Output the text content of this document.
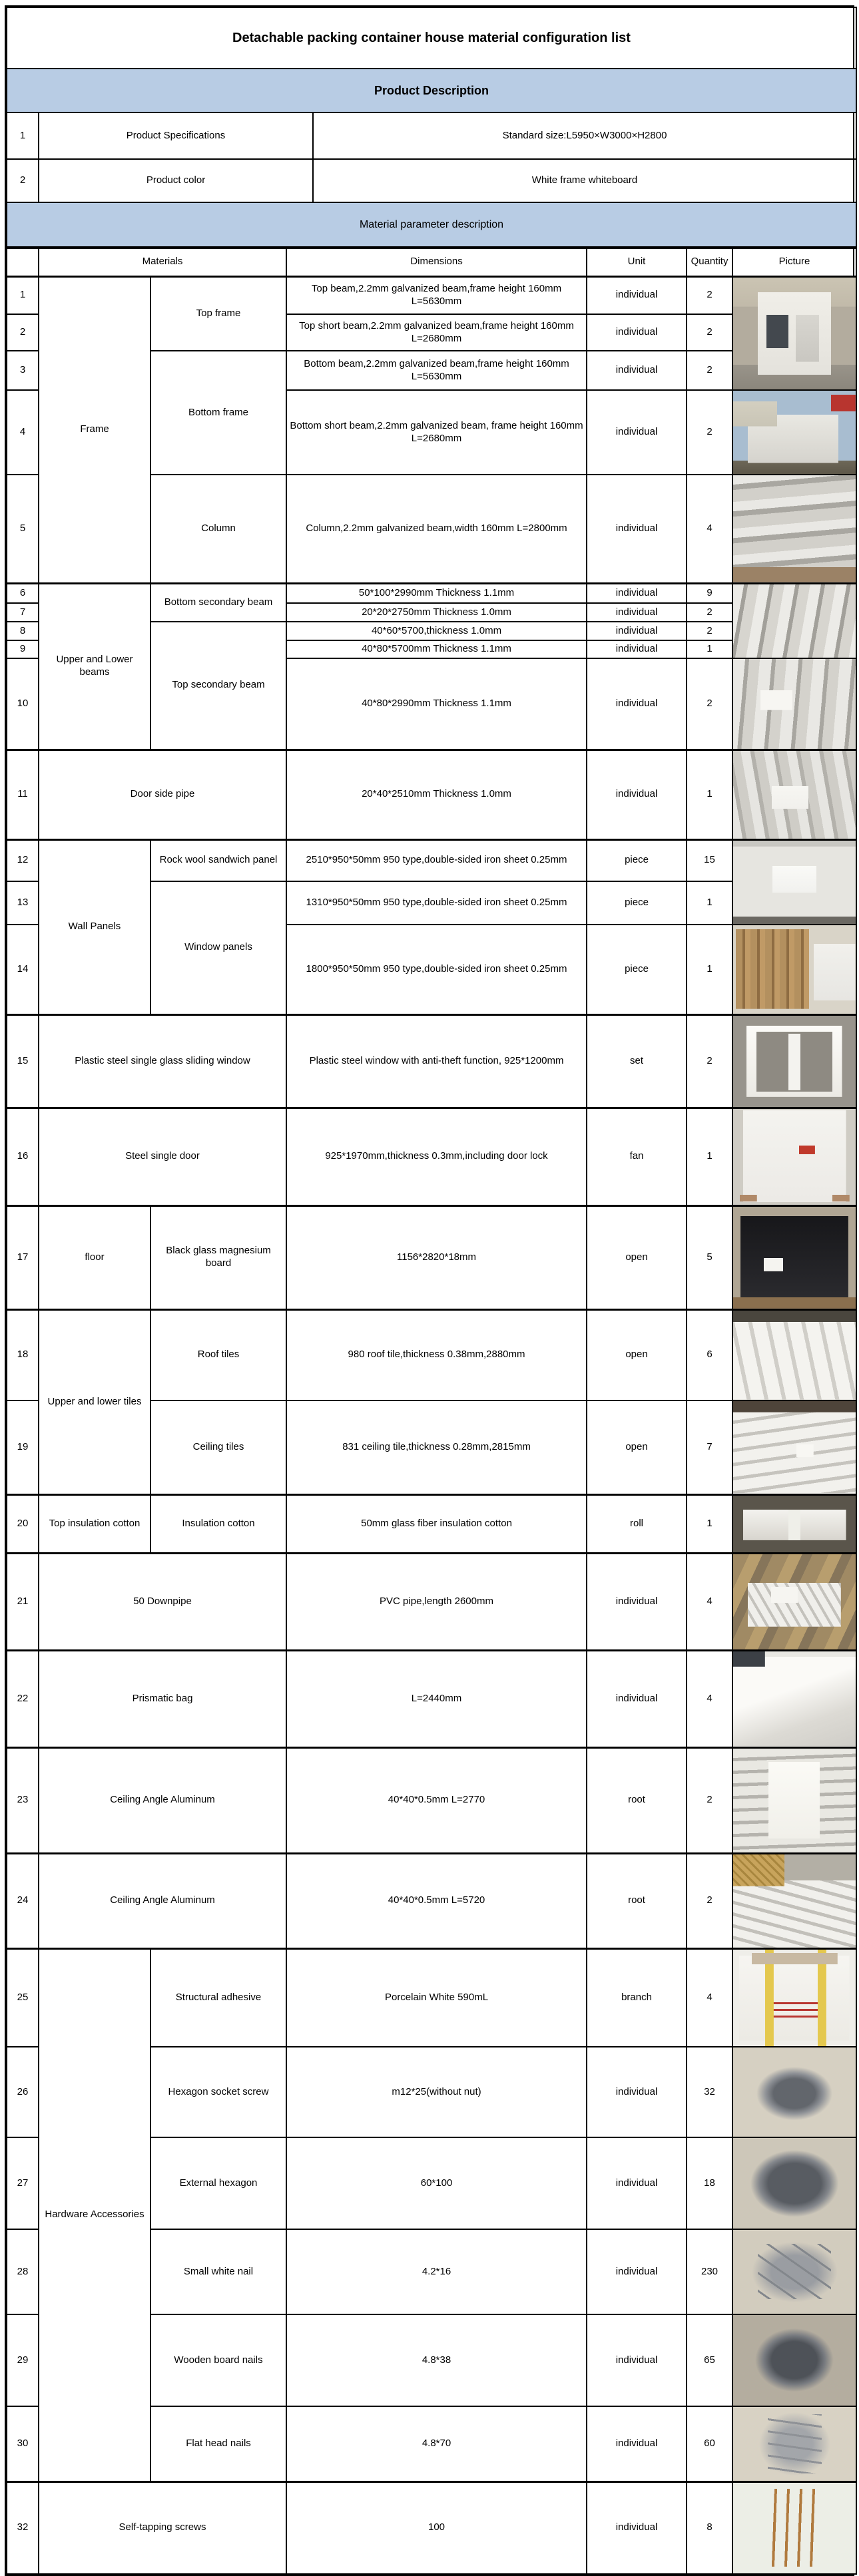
Detachable packing container house material configuration list		
Product Description		
1	Product Specifications	Standard size:L5950×W3000×H2800
2	Product color	White frame whiteboard
Material parameter description		
	Materials		Dimensions	Unit	Quantity	Picture
1	Frame	Top frame	Top beam,2.2mm galvanized beam,frame height 160mm L=5630mm	individual	2	
2			Top short beam,2.2mm galvanized beam,frame height 160mm L=2680mm	individual	2	
3		Bottom frame	Bottom beam,2.2mm galvanized beam,frame height 160mm L=5630mm	individual	2	
4			Bottom short beam,2.2mm galvanized beam, frame height 160mm L=2680mm	individual	2	
5		Column	Column,2.2mm galvanized beam,width 160mm L=2800mm	individual	4	
6	Upper and Lower beams	Bottom secondary beam	50*100*2990mm Thickness 1.1mm	individual	9	
7			20*20*2750mm Thickness 1.0mm	individual	2	
8		Top secondary beam	40*60*5700,thickness 1.0mm	individual	2	
9			40*80*5700mm Thickness 1.1mm	individual	1	
10			40*80*2990mm Thickness 1.1mm	individual	2	
11	Door side pipe		20*40*2510mm Thickness 1.0mm	individual	1	
12	Wall Panels	Rock wool sandwich panel	2510*950*50mm 950 type,double-sided iron sheet 0.25mm	piece	15	
13		Window panels	1310*950*50mm 950 type,double-sided iron sheet 0.25mm	piece	1	
14			1800*950*50mm 950 type,double-sided iron sheet 0.25mm	piece	1	
15	Plastic steel single glass sliding window		Plastic steel window with anti-theft function, 925*1200mm	set	2	
16	Steel single door		925*1970mm,thickness 0.3mm,including door lock	fan	1	
17	floor	Black glass magnesium board	1156*2820*18mm	open	5	
18	Upper and lower tiles	Roof tiles	980 roof tile,thickness 0.38mm,2880mm	open	6	
19		Ceiling tiles	831 ceiling tile,thickness 0.28mm,2815mm	open	7	
20	Top insulation cotton	Insulation cotton	50mm glass fiber insulation cotton	roll	1	
21	50 Downpipe		PVC pipe,length 2600mm	individual	4	
22	Prismatic bag		L=2440mm	individual	4	
23	Ceiling Angle Aluminum		40*40*0.5mm L=2770	root	2	
24	Ceiling Angle Aluminum		40*40*0.5mm L=5720	root	2	
25	Hardware Accessories	Structural adhesive	Porcelain White 590mL	branch	4	
26		Hexagon socket screw	m12*25(without nut)	individual	32	
27		External hexagon	60*100	individual	18	
28		Small white nail	4.2*16	individual	230	
29		Wooden board nails	4.8*38	individual	65	
30		Flat head nails	4.8*70	individual	60	
32	Self-tapping screws		100	individual	8	
